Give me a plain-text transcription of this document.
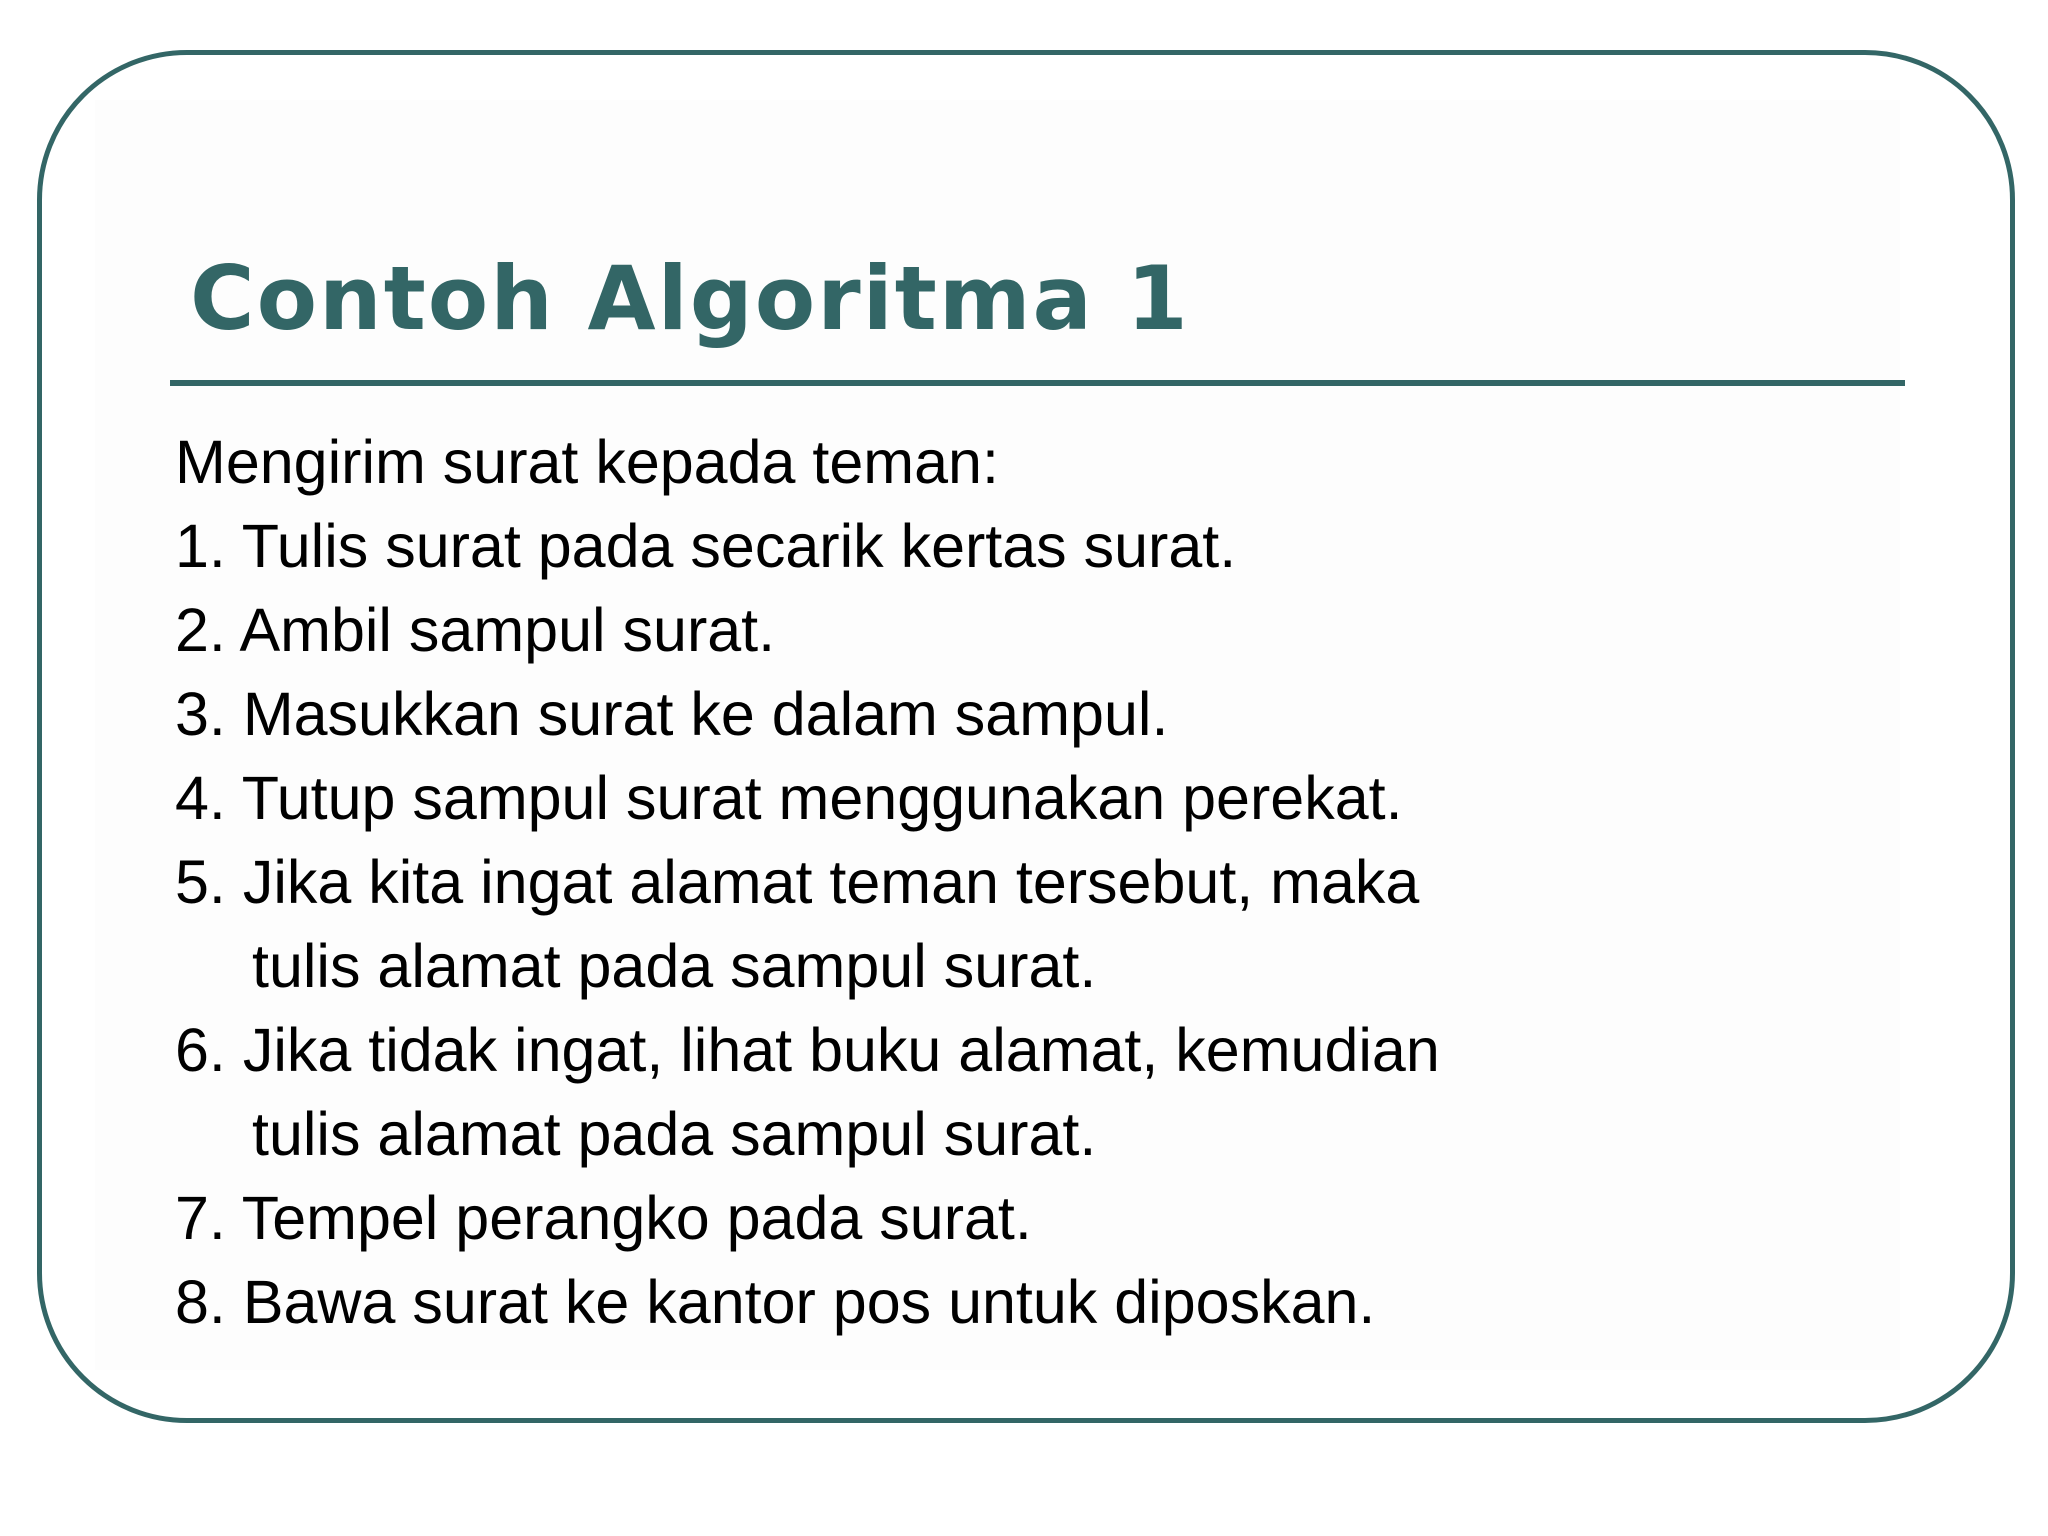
Contoh Algoritma 1
Mengirim surat kepada teman:
1. Tulis surat pada secarik kertas surat.
2. Ambil sampul surat.
3. Masukkan surat ke dalam sampul.
4. Tutup sampul surat menggunakan perekat.
5. Jika kita ingat alamat teman tersebut, maka
tulis alamat pada sampul surat.
6. Jika tidak ingat, lihat buku alamat, kemudian
tulis alamat pada sampul surat.
7. Tempel perangko pada surat.
8. Bawa surat ke kantor pos untuk diposkan.
